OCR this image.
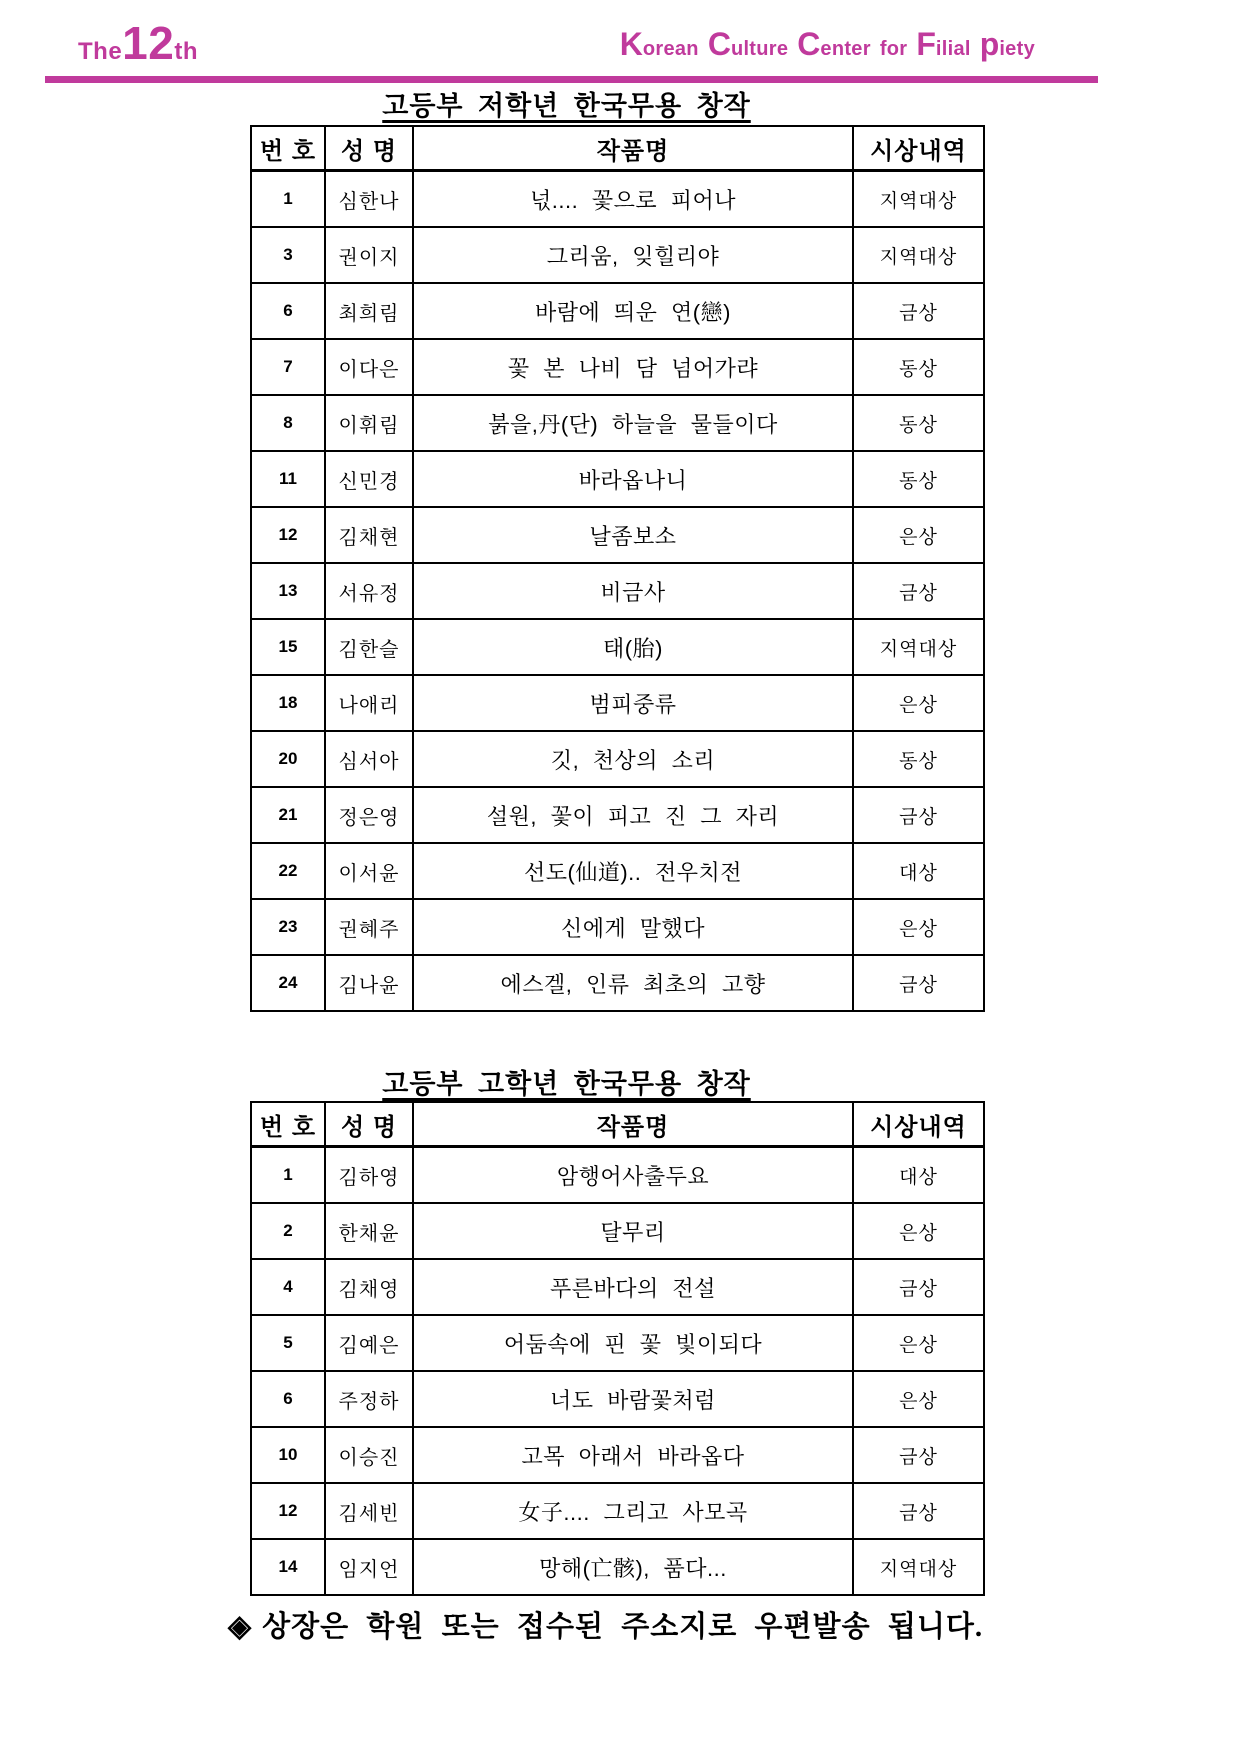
The 12 th	Korean Culture Center for Filial piety
고등부 저학년 한국무용 창작
번 호	성 명	작품명	시상내역
1	심한나	넋.... 꽃으로 피어나	지역대상
3	권이지	그리움, 잊힐리야	지역대상
6	최희림	바람에 띄운 연(戀)	금상
7	이다은	꽃 본 나비 담 넘어가랴	동상
8	이휘림	붉을,丹(단) 하늘을 물들이다	동상
11	신민경	바라옵나니	동상
12	김채현	날좀보소	은상
13	서유정	비금사	금상
15	김한슬	태(胎)	지역대상
18	나애리	범피중류	은상
20	심서아	깃, 천상의 소리	동상
21	정은영	설원, 꽃이 피고 진 그 자리	금상
22	이서윤	선도(仙道).. 전우치전	대상
23	권혜주	신에게 말했다	은상
24	김나윤	에스겔, 인류 최초의 고향	금상
고등부 고학년 한국무용 창작
번 호	성 명	작품명	시상내역
1	김하영	암행어사출두요	대상
2	한채윤	달무리	은상
4	김채영	푸른바다의 전설	금상
5	김예은	어둠속에 핀 꽃 빛이되다	은상
6	주정하	너도 바람꽃처럼	은상
10	이승진	고목 아래서 바라옵다	금상
12	김세빈	女子.... 그리고 사모곡	금상
14	임지언	망해(亡骸), 품다...	지역대상
◈ 상장은 학원 또는 접수된 주소지로 우편발송 됩니다.
